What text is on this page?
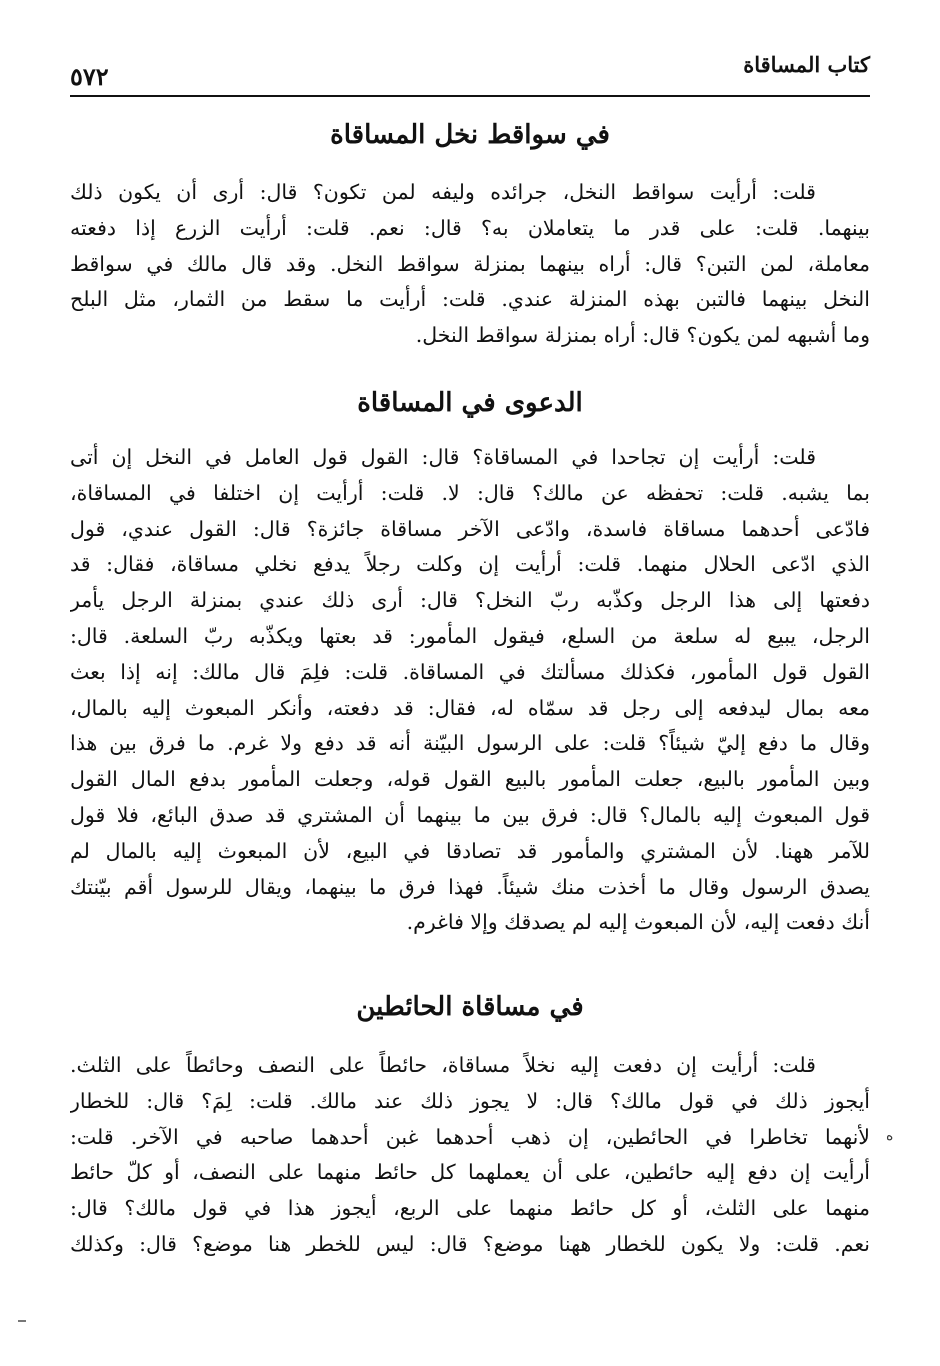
كتاب المساقاة
٥٧٢
في سواقط نخل المساقاة
قلت: أرأيت سواقط النخل، جرائده وليفه لمن تكون؟ قال: أرى أن يكون ذلك
بينهما. قلت: على قدر ما يتعاملان به؟ قال: نعم. قلت: أرأيت الزرع إذا دفعته
معاملة، لمن التبن؟ قال: أراه بينهما بمنزلة سواقط النخل. وقد قال مالك في سواقط
النخل بينهما فالتبن بهذه المنزلة عندي. قلت: أرأيت ما سقط من الثمار، مثل البلح
وما أشبهه لمن يكون؟ قال: أراه بمنزلة سواقط النخل.
الدعوى في المساقاة
قلت: أرأيت إن تجاحدا في المساقاة؟ قال: القول قول العامل في النخل إن أتى
بما يشبه. قلت: تحفظه عن مالك؟ قال: لا. قلت: أرأيت إن اختلفا في المساقاة،
فادّعى أحدهما مساقاة فاسدة، وادّعى الآخر مساقاة جائزة؟ قال: القول عندي، قول
الذي ادّعى الحلال منهما. قلت: أرأيت إن وكلت رجلاً يدفع نخلي مساقاة، فقال: قد
دفعتها إلى هذا الرجل وكذّبه ربّ النخل؟ قال: أرى ذلك عندي بمنزلة الرجل يأمر
الرجل، يبيع له سلعة من السلع، فيقول المأمور: قد بعتها ويكذّبه ربّ السلعة. قال:
القول قول المأمور، فكذلك مسألتك في المساقاة. قلت: فلِمَ قال مالك: إنه إذا بعث
معه بمال ليدفعه إلى رجل قد سمّاه له، فقال: قد دفعته، وأنكر المبعوث إليه بالمال،
وقال ما دفع إليّ شيئاً؟ قلت: على الرسول البيّنة أنه قد دفع ولا غرم. ما فرق بين هذا
وبين المأمور بالبيع، جعلت المأمور بالبيع القول قوله، وجعلت المأمور بدفع المال القول
قول المبعوث إليه بالمال؟ قال: فرق بين ما بينهما أن المشتري قد صدق البائع، فلا قول
للآمر ههنا. لأن المشتري والمأمور قد تصادقا في البيع، لأن المبعوث إليه بالمال لم
يصدق الرسول وقال ما أخذت منك شيئاً. فهذا فرق ما بينهما، ويقال للرسول أقم بيّنتك
أنك دفعت إليه، لأن المبعوث إليه لم يصدقك وإلا فاغرم.
في مساقاة الحائطين
قلت: أرأيت إن دفعت إليه نخلاً مساقاة، حائطاً على النصف وحائطاً على الثلث.
أيجوز ذلك في قول مالك؟ قال: لا يجوز ذلك عند مالك. قلت: لِمَ؟ قال: للخطار
لأنهما تخاطرا في الحائطين، إن ذهب أحدهما غبن أحدهما صاحبه في الآخر. قلت:
أرأيت إن دفع إليه حائطين، على أن يعملهما كل حائط منهما على النصف، أو كلّ حائط
منهما على الثلث، أو كل حائط منهما على الربع، أيجوز هذا في قول مالك؟ قال:
نعم. قلت: ولا يكون للخطار ههنا موضع؟ قال: ليس للخطر هنا موضع؟ قال: وكذلك
ه
